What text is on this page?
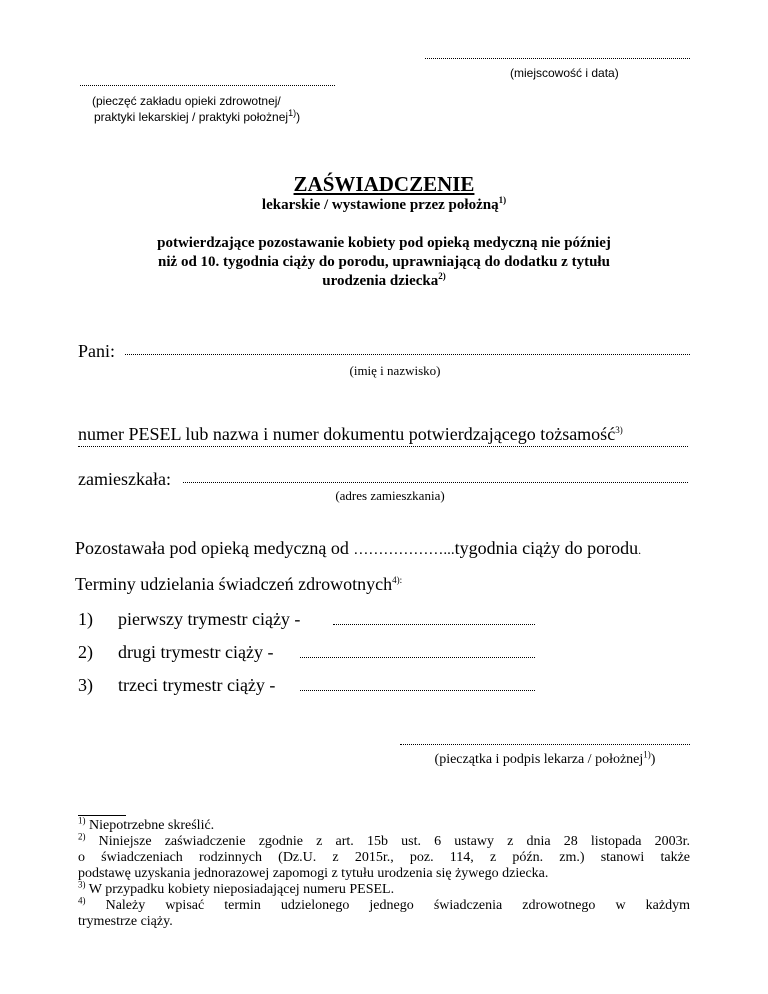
(miejscowość i data)
(pieczęć zakładu opieki zdrowotnej/
praktyki lekarskiej / praktyki położnej$^{1)}$)
ZAŚWIADCZENIE
lekarskie / wystawione przez położną$^{1)}$
potwierdzające pozostawanie kobiety pod opieką medyczną nie później
niż od 10. tygodnia ciąży do porodu, uprawniającą do dodatku z tytułu
urodzenia dziecka$^{2)}$
Pani:
(imię i nazwisko)
numer PESEL lub nazwa i numer dokumentu potwierdzającego tożsamość$^{3)}$
zamieszkała:
(adres zamieszkania)
Pozostawała pod opieką medyczną od ………………...tygodnia ciąży do porodu.
Terminy udzielania świadczeń zdrowotnych$^{4):}$
1) pierwszy trymestr ciąży -
2) drugi trymestr ciąży -
3) trzeci trymestr ciąży -
(pieczątka i podpis lekarza / położnej$^{1)}$)
$^{1)}$ Niepotrzebne skreślić.
$^{2)}$ Niniejsze zaświadczenie zgodnie z art. 15b ust. 6 ustawy z dnia 28 listopada 2003r.
o świadczeniach rodzinnych (Dz.U. z 2015r., poz. 114, z późn. zm.) stanowi także
podstawę uzyskania jednorazowej zapomogi z tytułu urodzenia się żywego dziecka.
$^{3)}$ W przypadku kobiety nieposiadającej numeru PESEL.
$^{4)}$ Należy wpisać termin udzielonego jednego świadczenia zdrowotnego w każdym
trymestrze ciąży.
